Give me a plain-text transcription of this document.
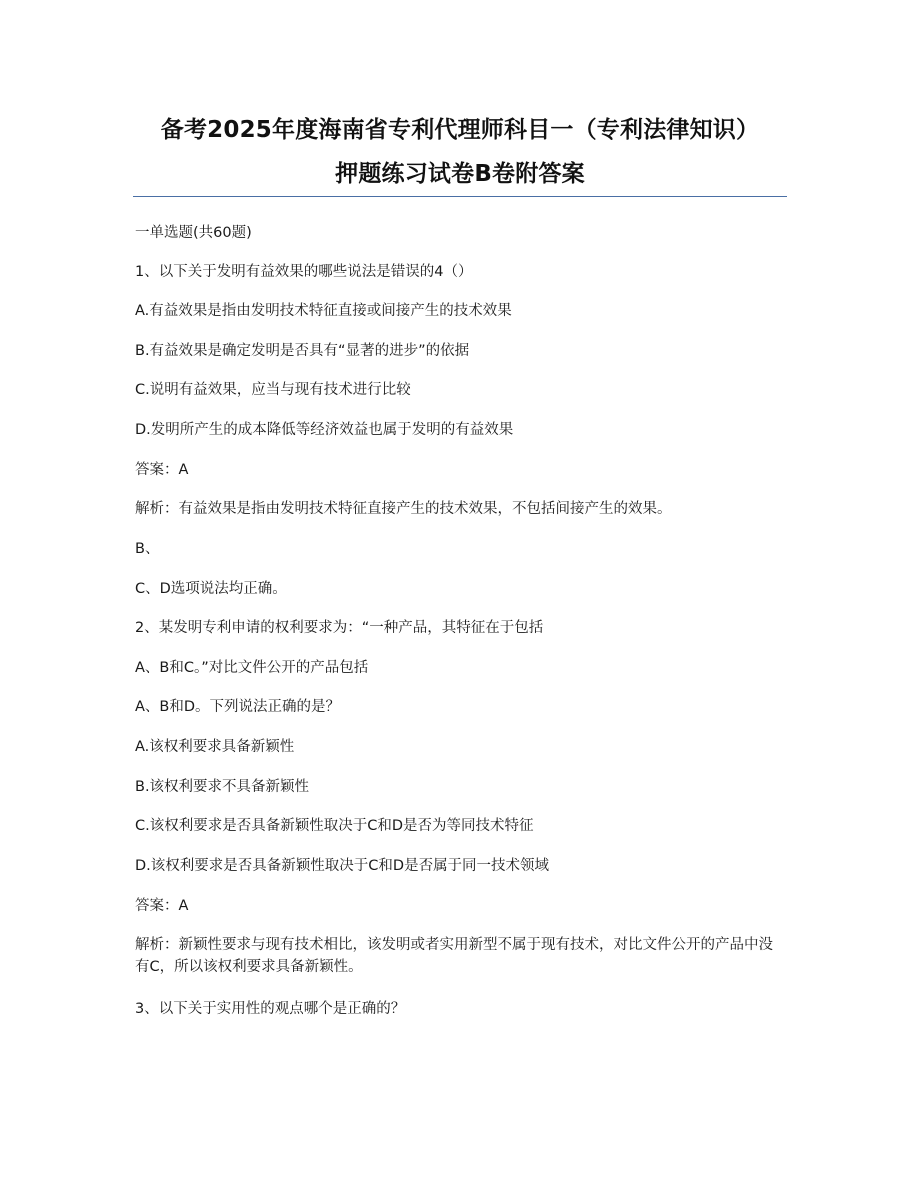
备考2025年度海南省专利代理师科目一（专利法律知识）
押题练习试卷B卷附答案
一单选题(共60题)
1、以下关于发明有益效果的哪些说法是错误的4（）
A.有益效果是指由发明技术特征直接或间接产生的技术效果
B.有益效果是确定发明是否具有“显著的进步”的依据
C.说明有益效果，应当与现有技术进行比较
D.发明所产生的成本降低等经济效益也属于发明的有益效果
答案：A
解析：有益效果是指由发明技术特征直接产生的技术效果，不包括间接产生的效果。
B、
C、D选项说法均正确。
2、某发明专利申请的权利要求为：“一种产品，其特征在于包括
A、B和C。”对比文件公开的产品包括
A、B和D。下列说法正确的是？
A.该权利要求具备新颖性
B.该权利要求不具备新颖性
C.该权利要求是否具备新颖性取决于C和D是否为等同技术特征
D.该权利要求是否具备新颖性取决于C和D是否属于同一技术领域
答案：A
解析：新颖性要求与现有技术相比，该发明或者实用新型不属于现有技术，对比文件公开的产品中没有C，所以该权利要求具备新颖性。
3、以下关于实用性的观点哪个是正确的？
